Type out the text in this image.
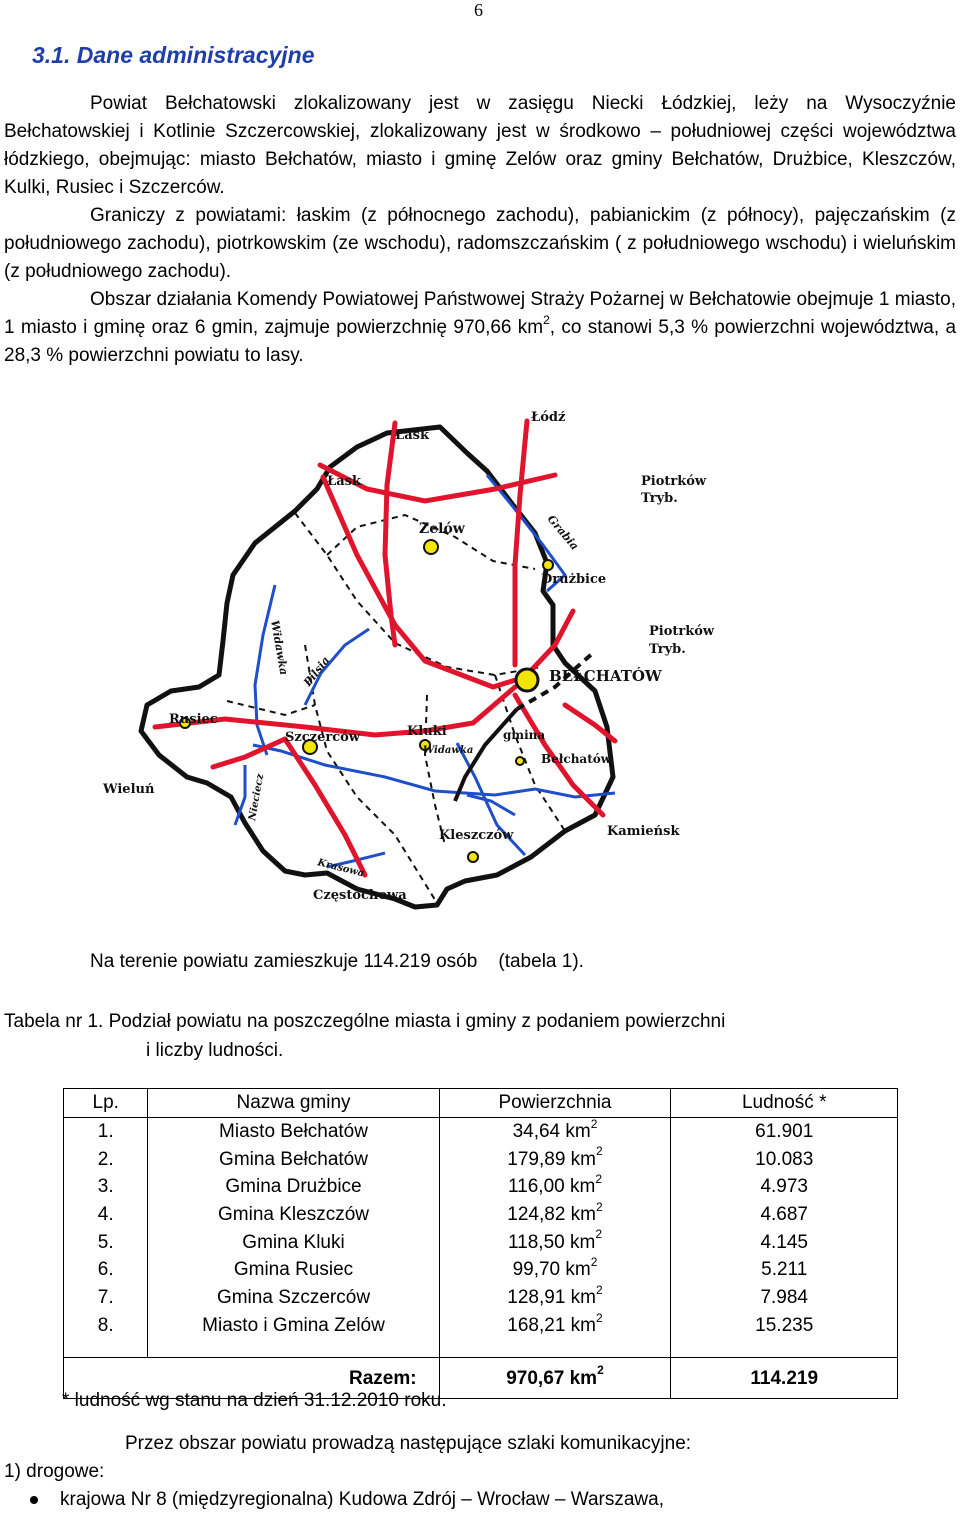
6
3.1. Dane administracyjne

Powiat Bełchatowski zlokalizowany jest w zasięgu Niecki Łódzkiej, leży na Wysoczyźnie Bełchatowskiej i Kotlinie Szczercowskiej, zlokalizowany jest w środkowo – południowej części województwa łódzkiego, obejmując: miasto Bełchatów, miasto i gminę Zelów oraz gminy Bełchatów, Drużbice, Kleszczów, Kulki, Rusiec i Szczerców.

Graniczy z powiatami: łaskim (z północnego zachodu), pabianickim (z północy), pajęczańskim (z południowego zachodu), piotrkowskim (ze wschodu), radomszczańskim ( z południowego wschodu) i wieluńskim (z południowego zachodu).

Obszar działania Komendy Powiatowej Państwowej Straży Pożarnej w Bełchatowie obejmuje 1 miasto, 1 miasto i gminę oraz 6 gmin, zajmuje powierzchnię 970,66 $km^2$, co stanowi 5,3 % powierzchni województwa, a 28,3 % powierzchni powiatu to lasy.

Łódź
Łask
Łask	Piotrków
Tryb.
Zelów
Drużbice
Grabia
Piotrków
Tryb.
Widawka Pilsia	BEŁCHATÓW
Rusiec
Szczerców	Kluki
Widawka
gmina
Bełchatów
Wieluń	Nieciecz
Kleszczów	Kamieńsk
Krasowa
Częstochowa
Na terenie powiatu zamieszkuje 114.219 osób    (tabela 1).
Tabela nr 1. Podział powiatu na poszczególne miasta i gminy z podaniem powierzchni
i liczby ludności.
Lp.	Nazwa gminy	Powierzchnia	Ludność *
1.	Miasto Bełchatów	34,64 $km^2$	61.901
2.	Gmina Bełchatów	179,89 $km^2$	10.083
3.	Gmina Drużbice	116,00 $km^2$	4.973
4.	Gmina Kleszczów	124,82 $km^2$	4.687
5.	Gmina Kluki	118,50 $km^2$	4.145
6.	Gmina Rusiec	99,70 $km^2$	5.211
7.	Gmina Szczerców	128,91 $km^2$	7.984
8.	Miasto i Gmina Zelów	168,21 $km^2$	15.235

Razem:		970,67 $km^2$	114.219
* ludność wg stanu na dzień 31.12.2010 roku.
Przez obszar powiatu prowadzą następujące szlaki komunikacyjne:
1) drogowe:
krajowa Nr 8 (międzyregionalna) Kudowa Zdrój – Wrocław – Warszawa,
